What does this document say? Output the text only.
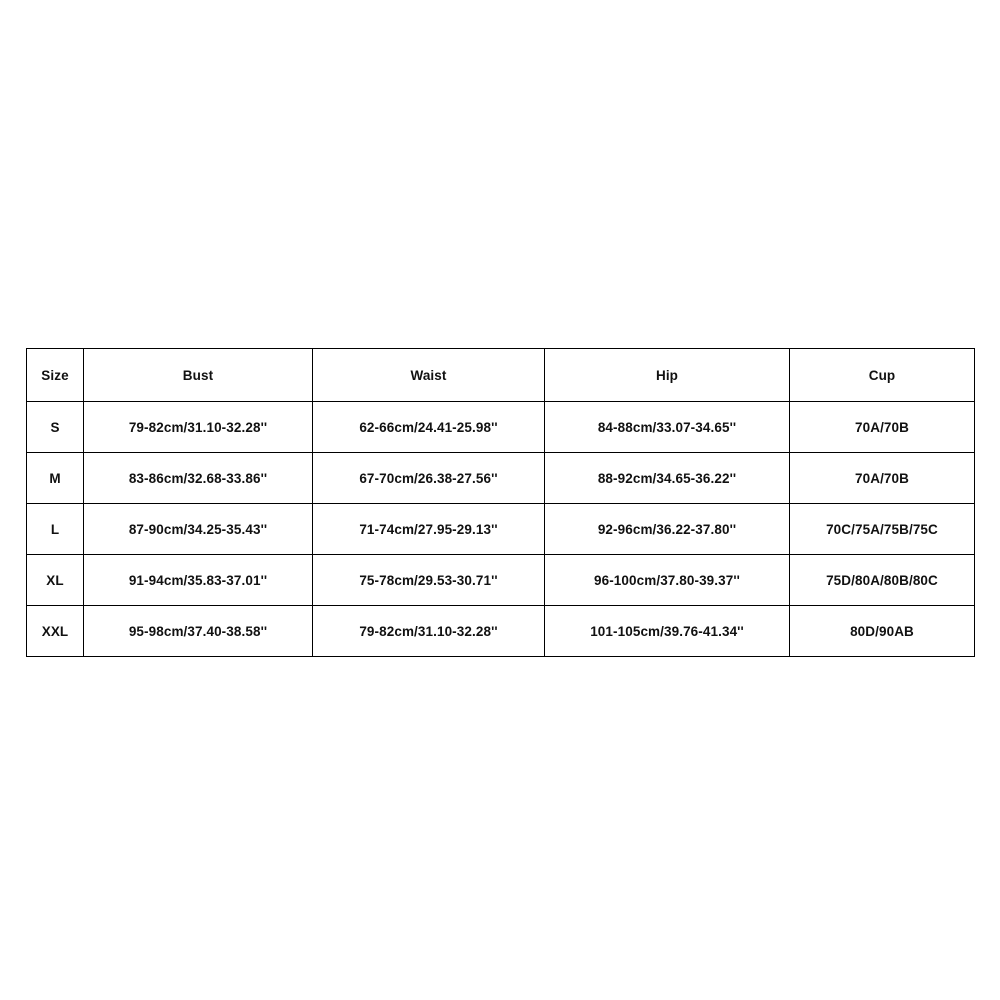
Size	Bust	Waist	Hip	Cup
S	79-82cm/31.10-32.28''	62-66cm/24.41-25.98''	84-88cm/33.07-34.65''	70A/70B
M	83-86cm/32.68-33.86''	67-70cm/26.38-27.56''	88-92cm/34.65-36.22''	70A/70B
L	87-90cm/34.25-35.43''	71-74cm/27.95-29.13''	92-96cm/36.22-37.80''	70C/75A/75B/75C
XL	91-94cm/35.83-37.01''	75-78cm/29.53-30.71''	96-100cm/37.80-39.37''	75D/80A/80B/80C
XXL	95-98cm/37.40-38.58''	79-82cm/31.10-32.28''	101-105cm/39.76-41.34''	80D/90AB
